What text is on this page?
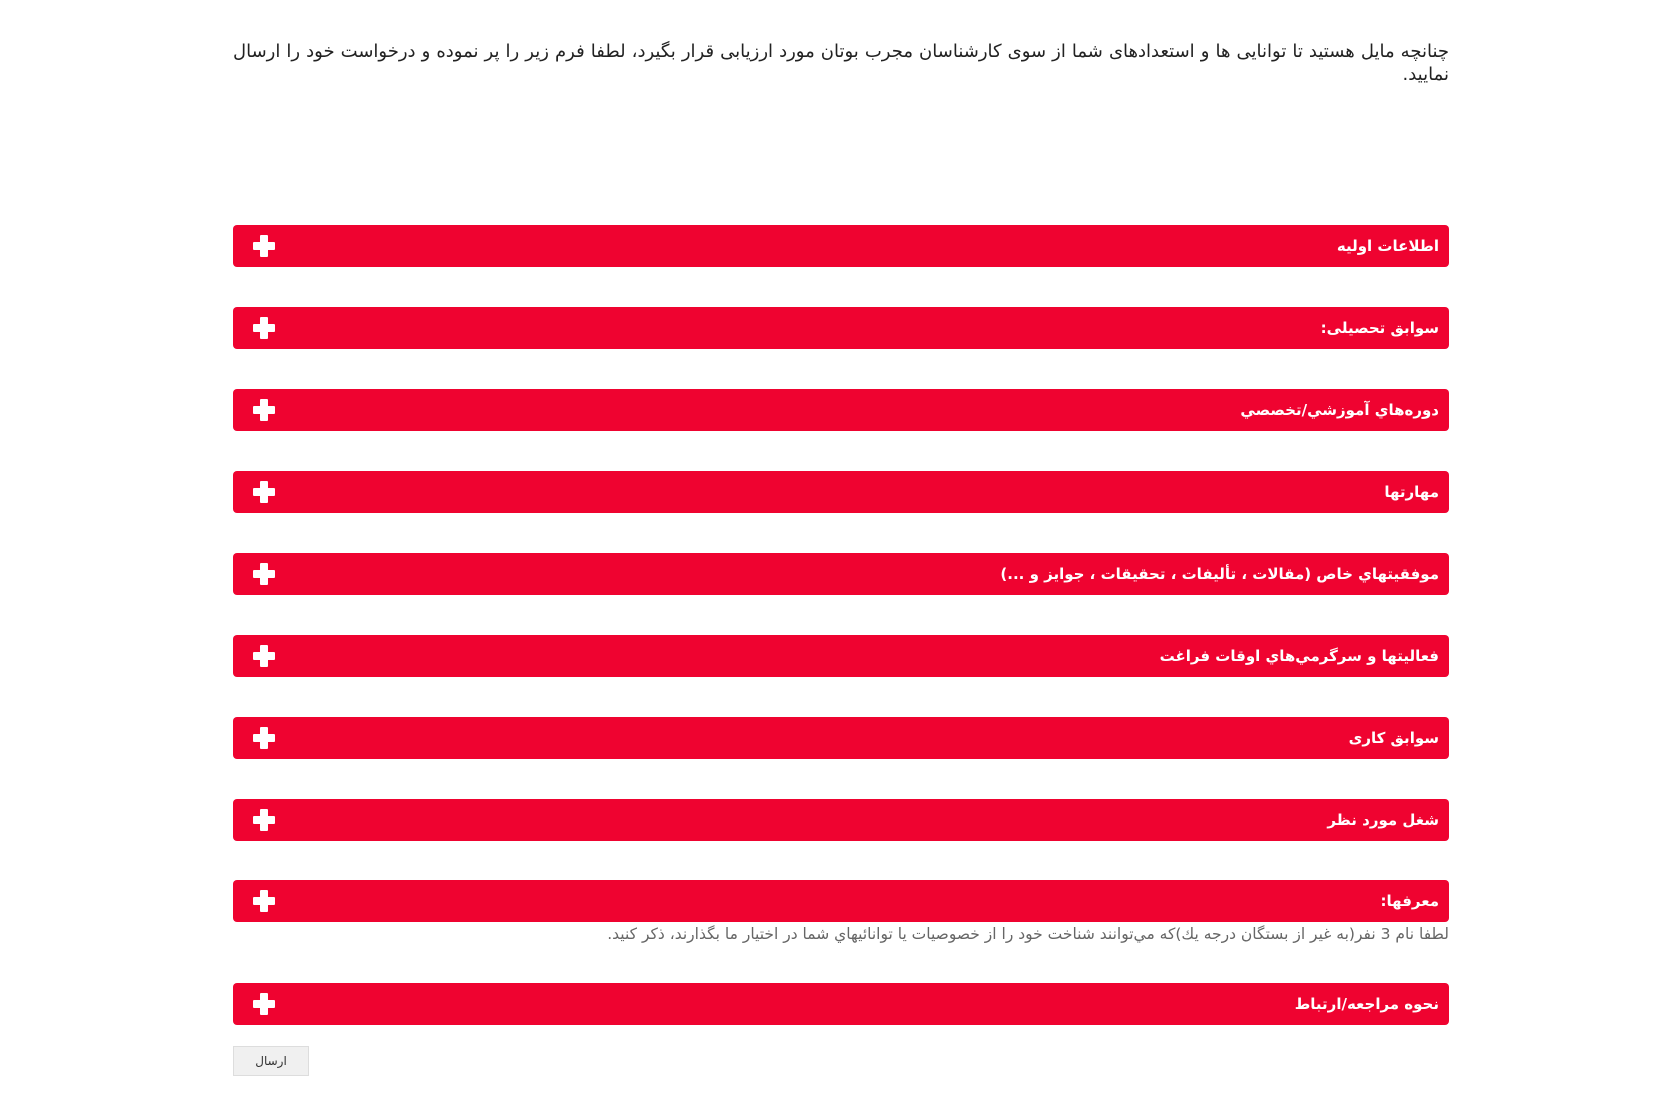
چنانچه مایل هستید تا توانایی ها و استعدادهای شما از سوی کارشناسان مجرب بوتان مورد ارزیابی قرار بگیرد، لطفا فرم زیر را پر نموده و درخواست خود را ارسال نمایید.

اطلاعات اولیه
سوابق تحصیلی:
دوره‌هاي آموزشي/تخصصي
مهارتها
موفقيتهاي خاص (مقالات ، تأليفات ، تحقيقات ، جوايز و ...)
فعالیتها و سرگرمي‌هاي اوقات فراغت
سوابق کاری
شغل مورد نظر
معرفها:

لطفا نام 3 نفر(به غير از بستگان درجه يك)كه مي‌توانند شناخت خود را از خصوصيات يا توانائيهاي شما در اختيار ما بگذارند، ذكر كنيد.

نحوه مراجعه/ارتباط
ارسال
